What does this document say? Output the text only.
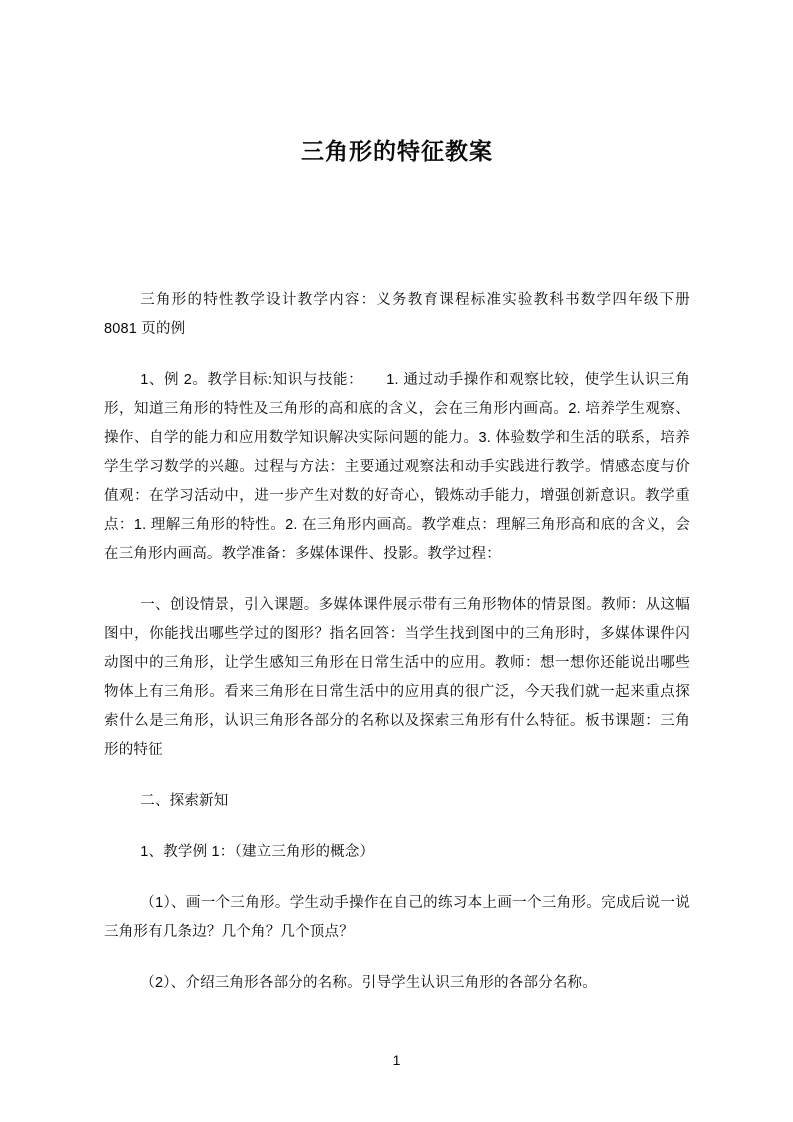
三角形的特征教案

三角形的特性教学设计教学内容：义务教育课程标准实验教科书数学四年级下册 8081 页的例

1、例 2。教学目标:知识与技能：　　1. 通过动手操作和观察比较，使学生认识三角形，知道三角形的特性及三角形的高和底的含义，会在三角形内画高。2. 培养学生观察、操作、自学的能力和应用数学知识解决实际问题的能力。3. 体验数学和生活的联系，培养学生学习数学的兴趣。过程与方法：主要通过观察法和动手实践进行教学。情感态度与价值观：在学习活动中，进一步产生对数的好奇心，锻炼动手能力，增强创新意识。教学重点：1. 理解三角形的特性。2. 在三角形内画高。教学难点：理解三角形高和底的含义，会在三角形内画高。教学准备：多媒体课件、投影。教学过程：

一、创设情景，引入课题。多媒体课件展示带有三角形物体的情景图。教师：从这幅图中，你能找出哪些学过的图形？指名回答：当学生找到图中的三角形时，多媒体课件闪动图中的三角形，让学生感知三角形在日常生活中的应用。教师：想一想你还能说出哪些物体上有三角形。看来三角形在日常生活中的应用真的很广泛，今天我们就一起来重点探索什么是三角形，认识三角形各部分的名称以及探索三角形有什么特征。板书课题：三角形的特征

二、探索新知

1、教学例 1：（建立三角形的概念）

（1）、画一个三角形。学生动手操作在自己的练习本上画一个三角形。完成后说一说三角形有几条边？几个角？几个顶点？

（2）、介绍三角形各部分的名称。引导学生认识三角形的各部分名称。

1
